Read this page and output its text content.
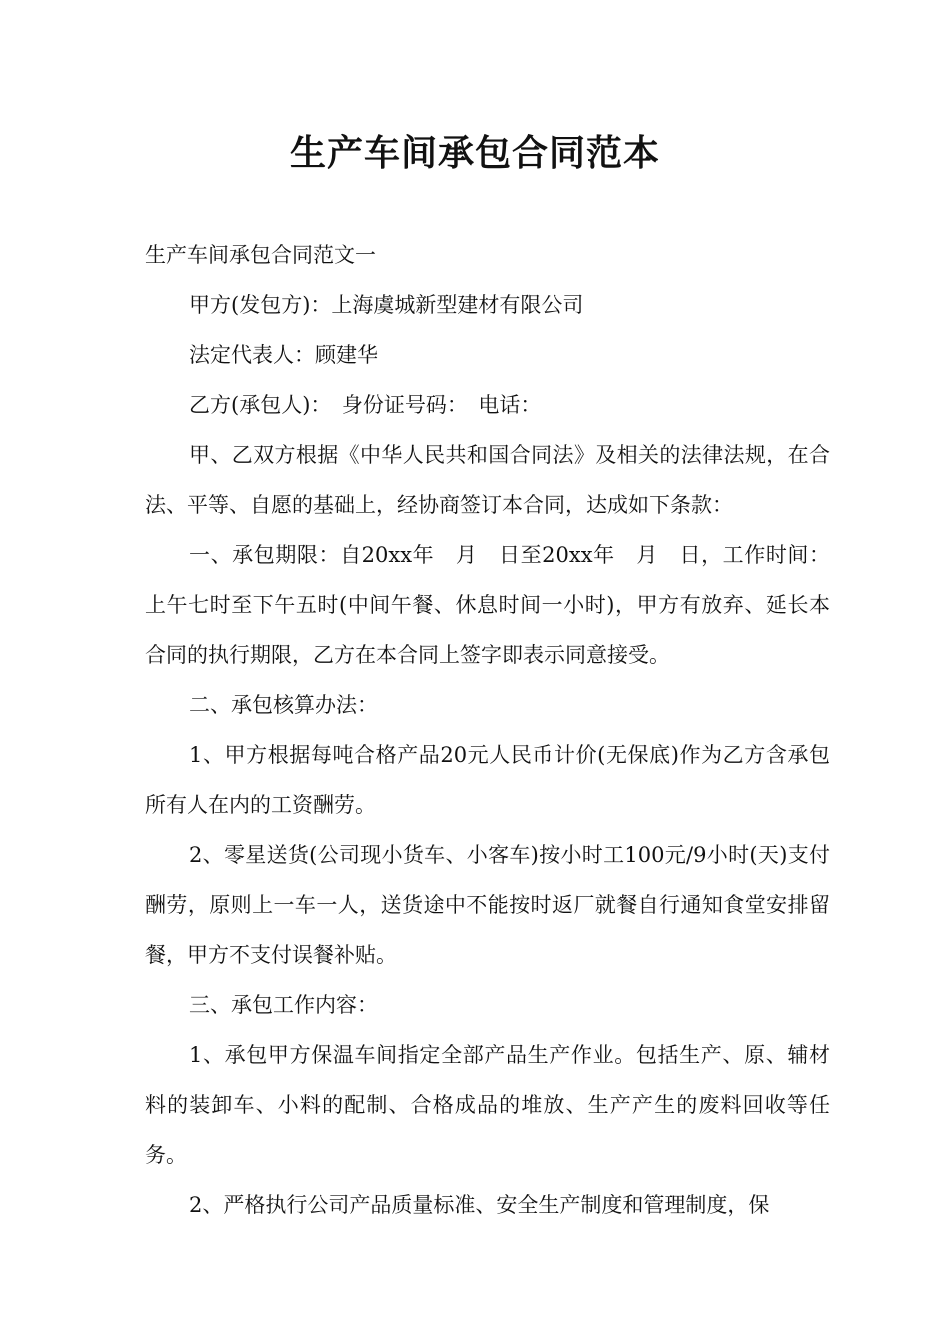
生产车间承包合同范本

生产车间承包合同范文一

甲方(发包方)：上海虞城新型建材有限公司

法定代表人：顾建华

乙方(承包人)：　身份证号码：　电话：

甲、乙双方根据《中华人民共和国合同法》及相关的法律法规，在合法、平等、自愿的基础上，经协商签订本合同，达成如下条款：

一、承包期限：自20xx年　月　日至20xx年　月　日，工作时间：上午七时至下午五时(中间午餐、休息时间一小时)，甲方有放弃、延长本合同的执行期限，乙方在本合同上签字即表示同意接受。

二、承包核算办法：

1、甲方根据每吨合格产品20元人民币计价(无保底)作为乙方含承包所有人在内的工资酬劳。

2、零星送货(公司现小货车、小客车)按小时工100元/9小时(天)支付酬劳，原则上一车一人，送货途中不能按时返厂就餐自行通知食堂安排留餐，甲方不支付误餐补贴。

三、承包工作内容：

1、承包甲方保温车间指定全部产品生产作业。包括生产、原、辅材料的装卸车、小料的配制、合格成品的堆放、生产产生的废料回收等任务。

2、严格执行公司产品质量标准、安全生产制度和管理制度，保
